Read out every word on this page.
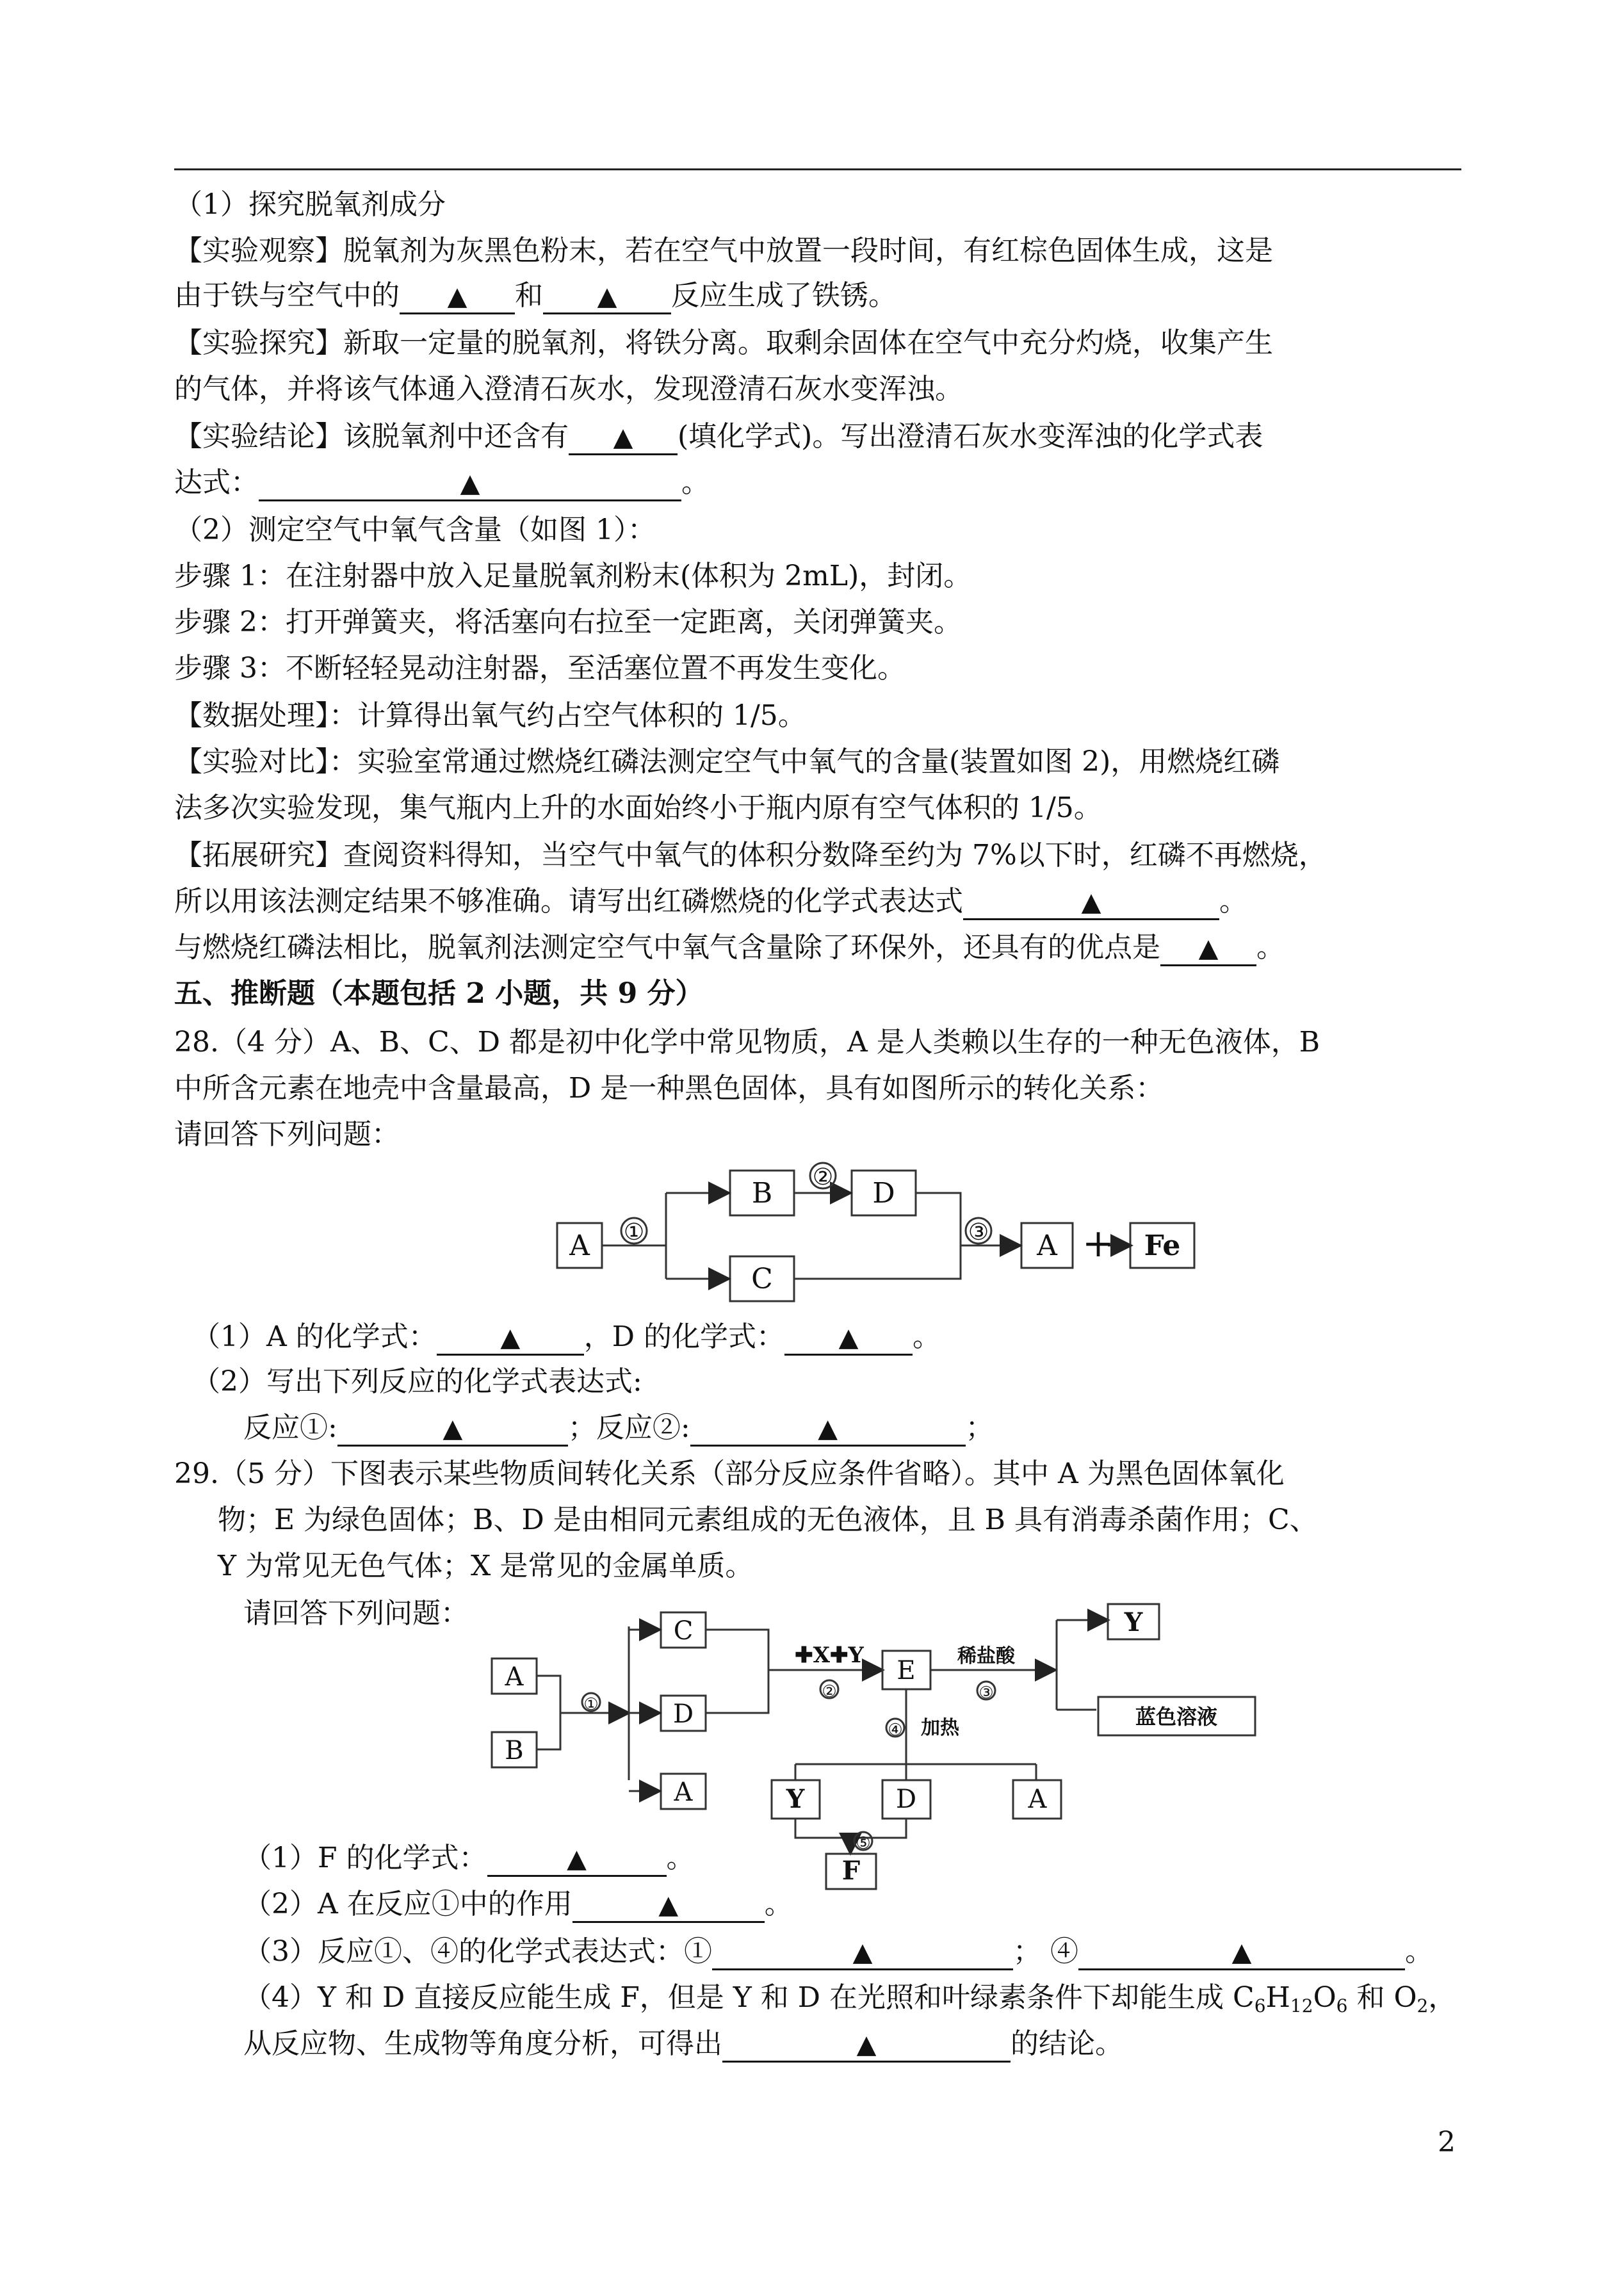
（1）探究脱氧剂成分
【实验观察】脱氧剂为灰黑色粉末，若在空气中放置一段时间，有红棕色固体生成，这是
由于铁与空气中的 ▲ 和 ▲ 反应生成了铁锈。
【实验探究】新取一定量的脱氧剂，将铁分离。取剩余固体在空气中充分灼烧，收集产生
的气体，并将该气体通入澄清石灰水，发现澄清石灰水变浑浊。
【实验结论】该脱氧剂中还含有 ▲ (填化学式)。写出澄清石灰水变浑浊的化学式表
达式：	▲	。
（2）测定空气中氧气含量（如图 1）：
步骤 1：在注射器中放入足量脱氧剂粉末(体积为 2mL)，封闭。
步骤 2：打开弹簧夹，将活塞向右拉至一定距离，关闭弹簧夹。
步骤 3：不断轻轻晃动注射器，至活塞位置不再发生变化。
【数据处理】：计算得出氧气约占空气体积的 1/5。
【实验对比】：实验室常通过燃烧红磷法测定空气中氧气的含量(装置如图 2)，用燃烧红磷
法多次实验发现，集气瓶内上升的水面始终小于瓶内原有空气体积的 1/5。
【拓展研究】查阅资料得知，当空气中氧气的体积分数降至约为 7%以下时，红磷不再燃烧，
所以用该法测定结果不够准确。请写出红磷燃烧的化学式表达式	▲	。
与燃烧红磷法相比，脱氧剂法测定空气中氧气含量除了环保外，还具有的优点是 ▲ 。
五、推断题（本题包括 2 小题，共 9 分）
28.（4 分）A、B、C、D 都是初中化学中常见物质，A 是人类赖以生存的一种无色液体，B
中所含元素在地壳中含量最高，D 是一种黑色固体，具有如图所示的转化关系：
请回答下列问题：
A
B	D
C
A	Fe
+
①
②
③
（1）A 的化学式： ▲ ，D 的化学式： ▲ 。
（2）写出下列反应的化学式表达式:
反应①:	▲	；反应②:	▲	；
29.（5 分）下图表示某些物质间转化关系（部分反应条件省略）。其中 A 为黑色固体氧化
物；E 为绿色固体；B、D 是由相同元素组成的无色液体，且 B 具有消毒杀菌作用；C、
Y 为常见无色气体；X 是常见的金属单质。
请回答下列问题：
A
B
C
D
A
E
Y
蓝色溶液
Y	D	A
F
✚X✚Y	稀盐酸
加热
①
②	③
④
⑤
（1）F 的化学式：	▲	。
（2）A 在反应①中的作用	▲	。
（3）反应①、④的化学式表达式：①	▲	； ④	▲	。
（4）Y 和 D 直接反应能生成 F，但是 Y 和 D 在光照和叶绿素条件下却能生成 $C_6H_{12}O_6$ 和 $O_2$，
从反应物、生成物等角度分析，可得出	▲	的结论。
2
